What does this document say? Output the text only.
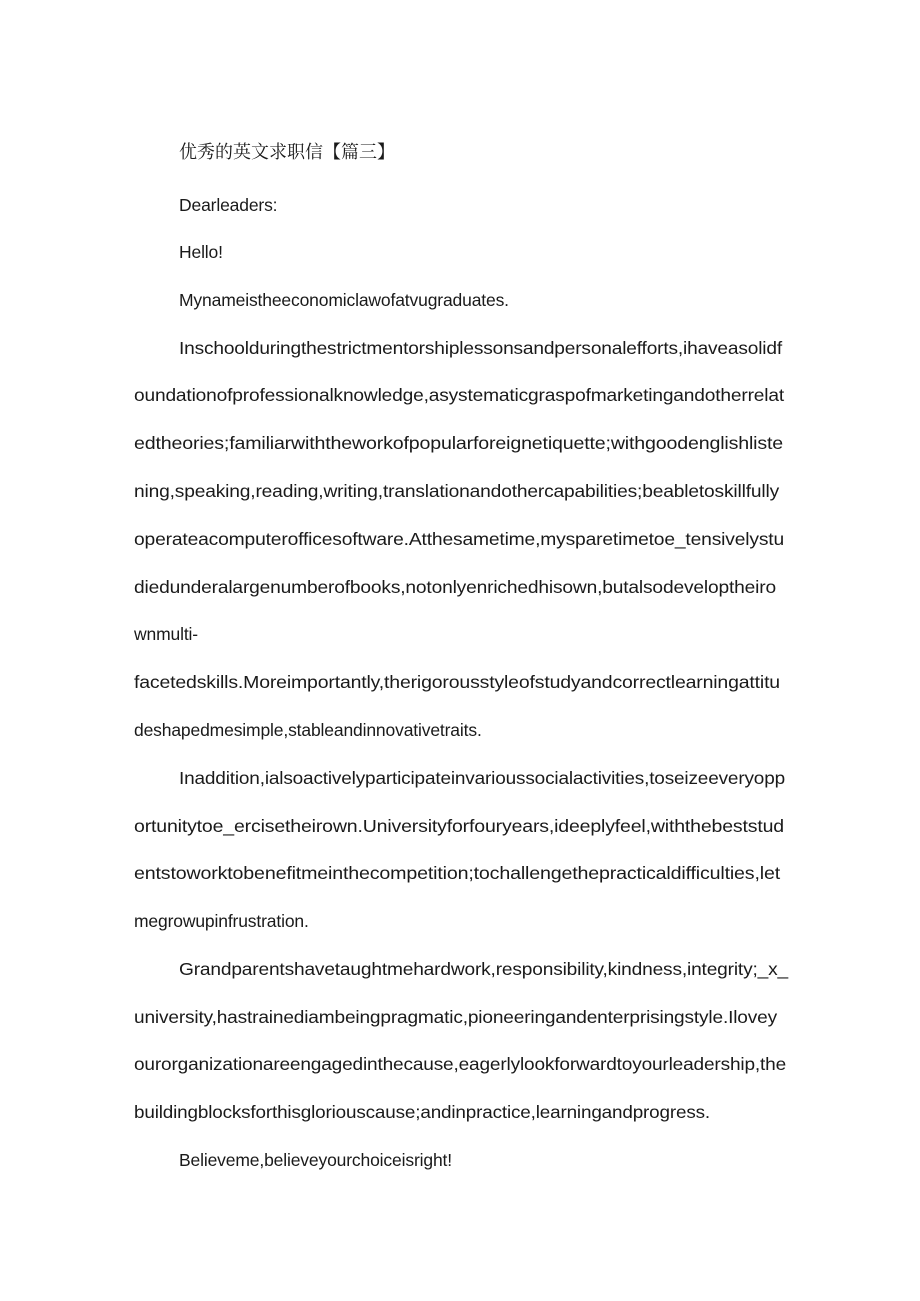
优秀的英文求职信【篇三】
Dearleaders:
Hello!
Mynameistheeconomiclawofatvugraduates.
Inschoolduringthestrictmentorshiplessonsandpersonalefforts,ihaveasolidf
oundationofprofessionalknowledge,asystematicgraspofmarketingandotherrelat
edtheories;familiarwiththeworkofpopularforeignetiquette;withgoodenglishliste
ning,speaking,reading,writing,translationandothercapabilities;beabletoskillfully
operateacomputerofficesoftware.Atthesametime,mysparetimetoe_tensivelystu
diedunderalargenumberofbooks,notonlyenrichedhisown,butalsodeveloptheiro
wnmulti-
facetedskills.Moreimportantly,therigorousstyleofstudyandcorrectlearningattitu
deshapedmesimple,stableandinnovativetraits.
Inaddition,ialsoactivelyparticipateinvarioussocialactivities,toseizeeveryopp
ortunitytoe_ercisetheirown.Universityforfouryears,ideeplyfeel,withthebeststud
entstoworktobenefitmeinthecompetition;tochallengethepracticaldifficulties,let
megrowupinfrustration.
Grandparentshavetaughtmehardwork,responsibility,kindness,integrity;_x_
university,hastrainediambeingpragmatic,pioneeringandenterprisingstyle.Ilovey
ourorganizationareengagedinthecause,eagerlylookforwardtoyourleadership,the
buildingblocksforthisgloriouscause;andinpractice,learningandprogress.
Believeme,believeyourchoiceisright!
